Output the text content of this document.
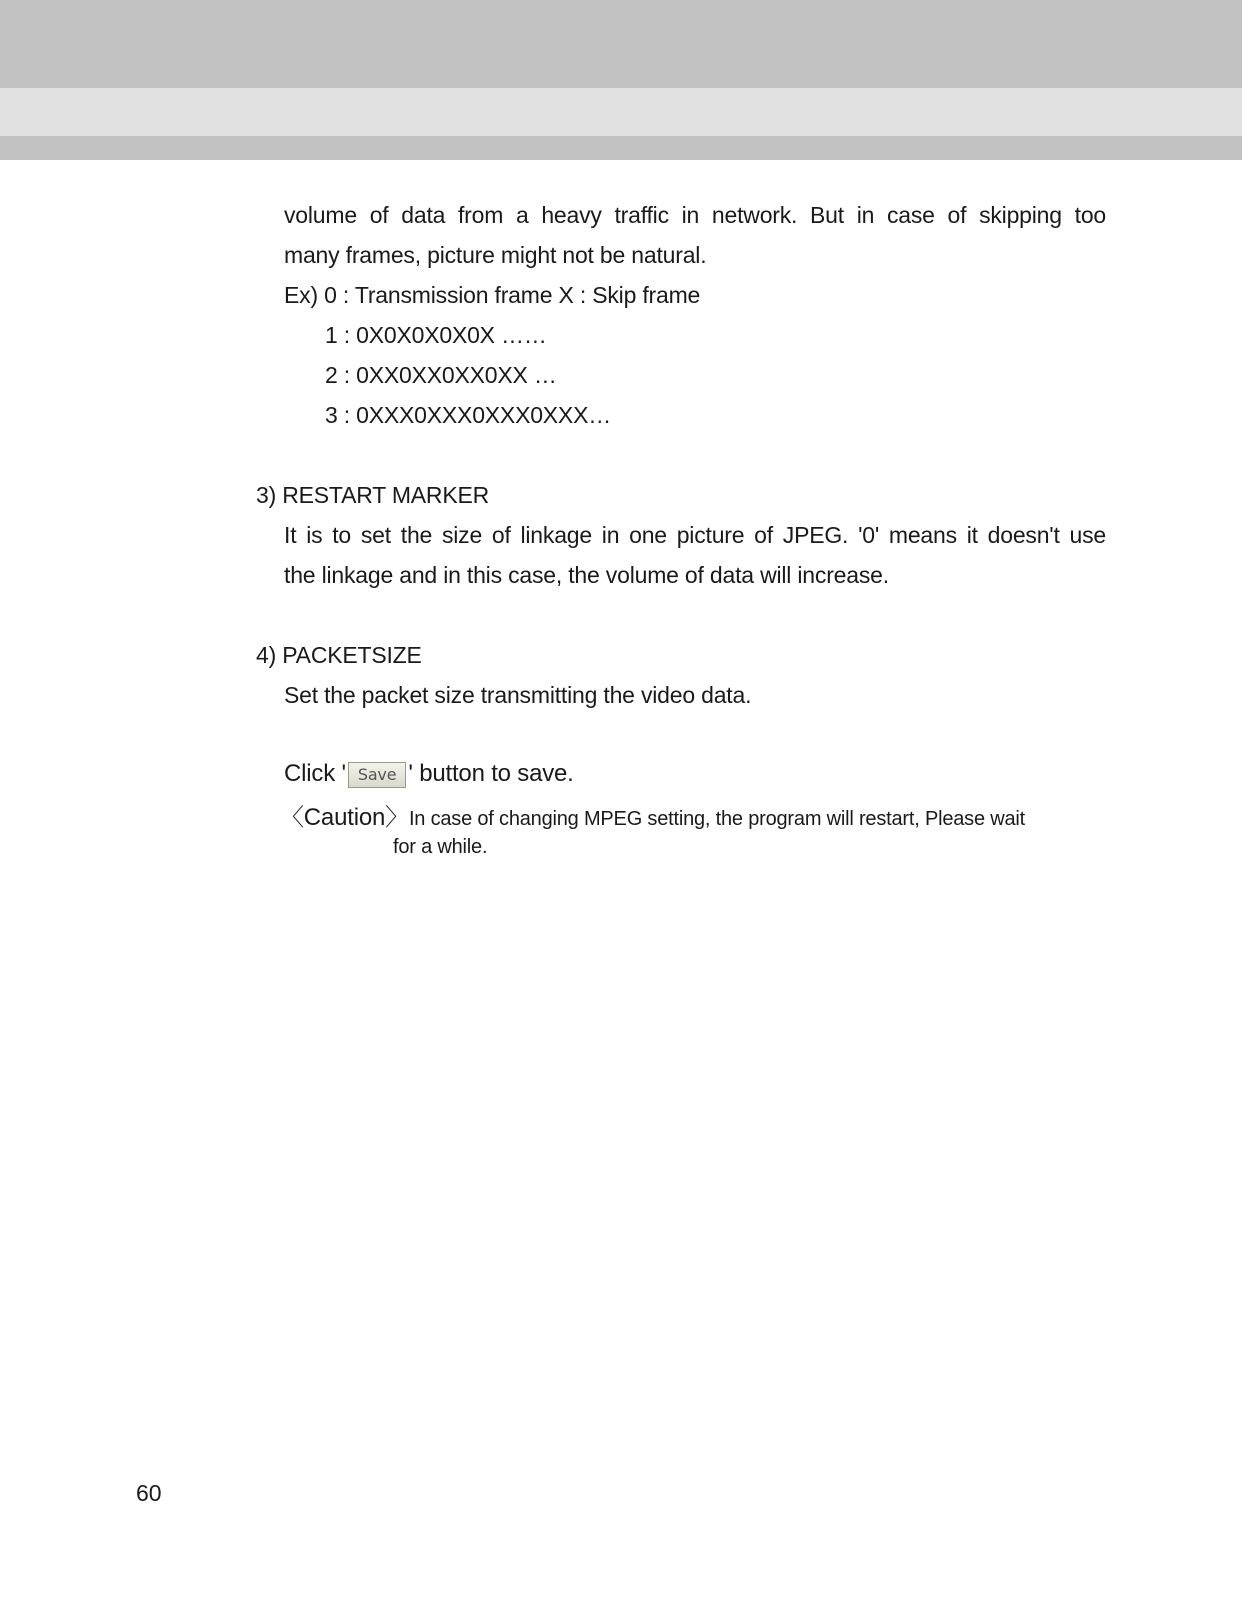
volume of data from a heavy traffic in network. But in case of skipping too
many frames, picture might not be natural.
Ex) 0 : Transmission frame X : Skip frame
1 : 0X0X0X0X0X ……
2 : 0XX0XX0XX0XX …
3 : 0XXX0XXX0XXX0XXX…
3) RESTART MARKER
It is to set the size of linkage in one picture of JPEG. '0' means it doesn't use
the linkage and in this case, the volume of data will increase.
4) PACKETSIZE
Set the packet size transmitting the video data.
Click ' Save ' button to save.
〈Caution〉In case of changing MPEG setting, the program will restart, Please wait
for a while.
60
